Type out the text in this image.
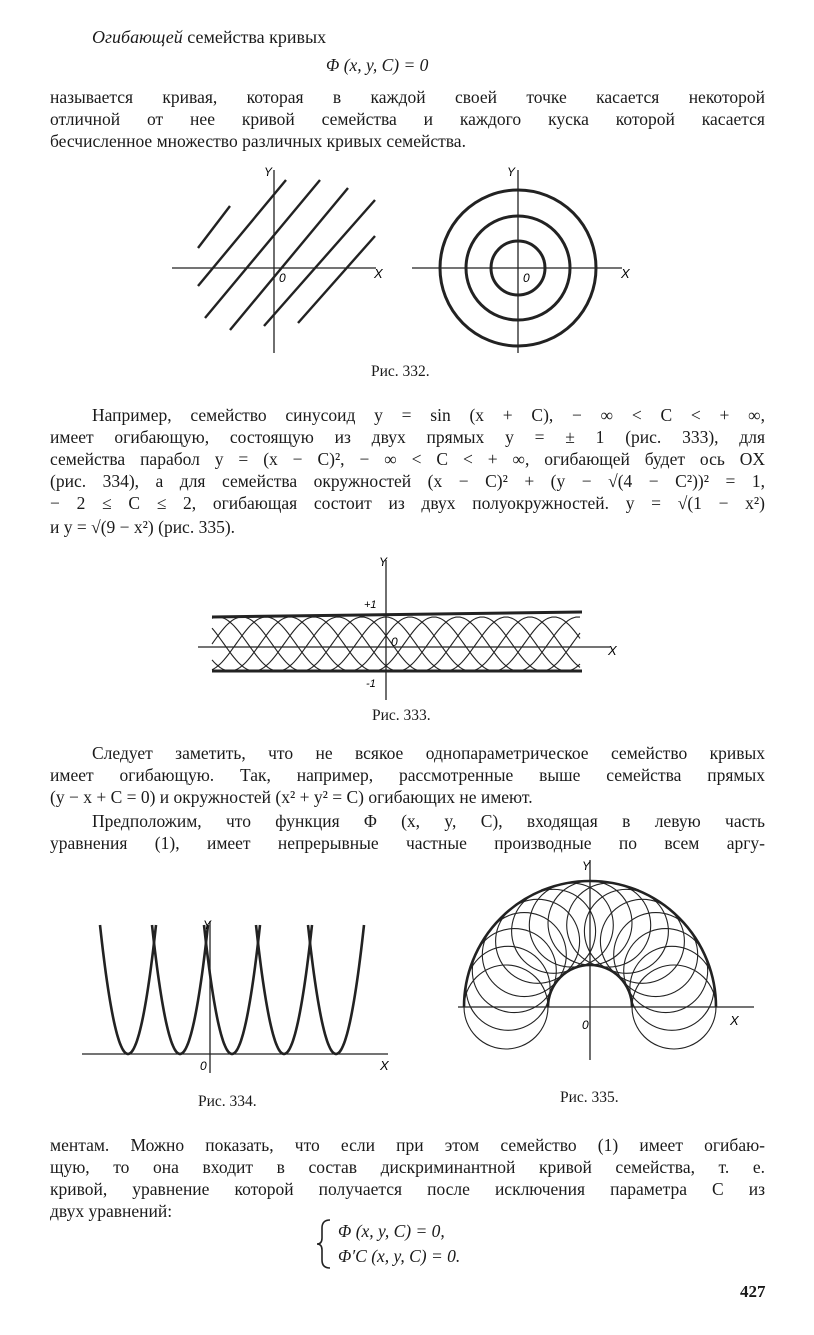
Огибающей семейства кривых
Φ (x, y, C) = 0
называется кривая, которая в каждой своей точке касается некоторой
отличной от нее кривой семейства и каждого куска которой касается
бесчисленное множество различных кривых семейства.
Y
X
0
Y
X
0
Рис. 332.
Например, семейство синусоид y = sin (x + C), − ∞ < C < + ∞,
имеет огибающую, состоящую из двух прямых y = ± 1 (рис. 333), для
семейства парабол y = (x − C)², − ∞ < C < + ∞, огибающей будет ось OX
(рис. 334), а для семейства окружностей (x − C)² + (y − √(4 − C²))² = 1,
− 2 ≤ C ≤ 2, огибающая состоит из двух полуокружностей. y = √(1 − x²)
и y = √(9 − x²) (рис. 335).
Y
X
0
+1
-1
Рис. 333.
Следует заметить, что не всякое однопараметрическое семейство кривых
имеет огибающую. Так, например, рассмотренные выше семейства прямых
(y − x + C = 0) и окружностей (x² + y² = C) огибающих не имеют.
Предположим, что функция Φ (x, y, C), входящая в левую часть
уравнения (1), имеет непрерывные частные производные по всем аргу-
Y
X
0
Рис. 334.
Y
X
0
Рис. 335.
ментам. Можно показать, что если при этом семейство (1) имеет огибаю-
щую, то она входит в состав дискриминантной кривой семейства, т. е.
кривой, уравнение которой получается после исключения параметра C из
двух уравнений:
Φ (x, y, C) = 0,
Φ′C (x, y, C) = 0.
427
